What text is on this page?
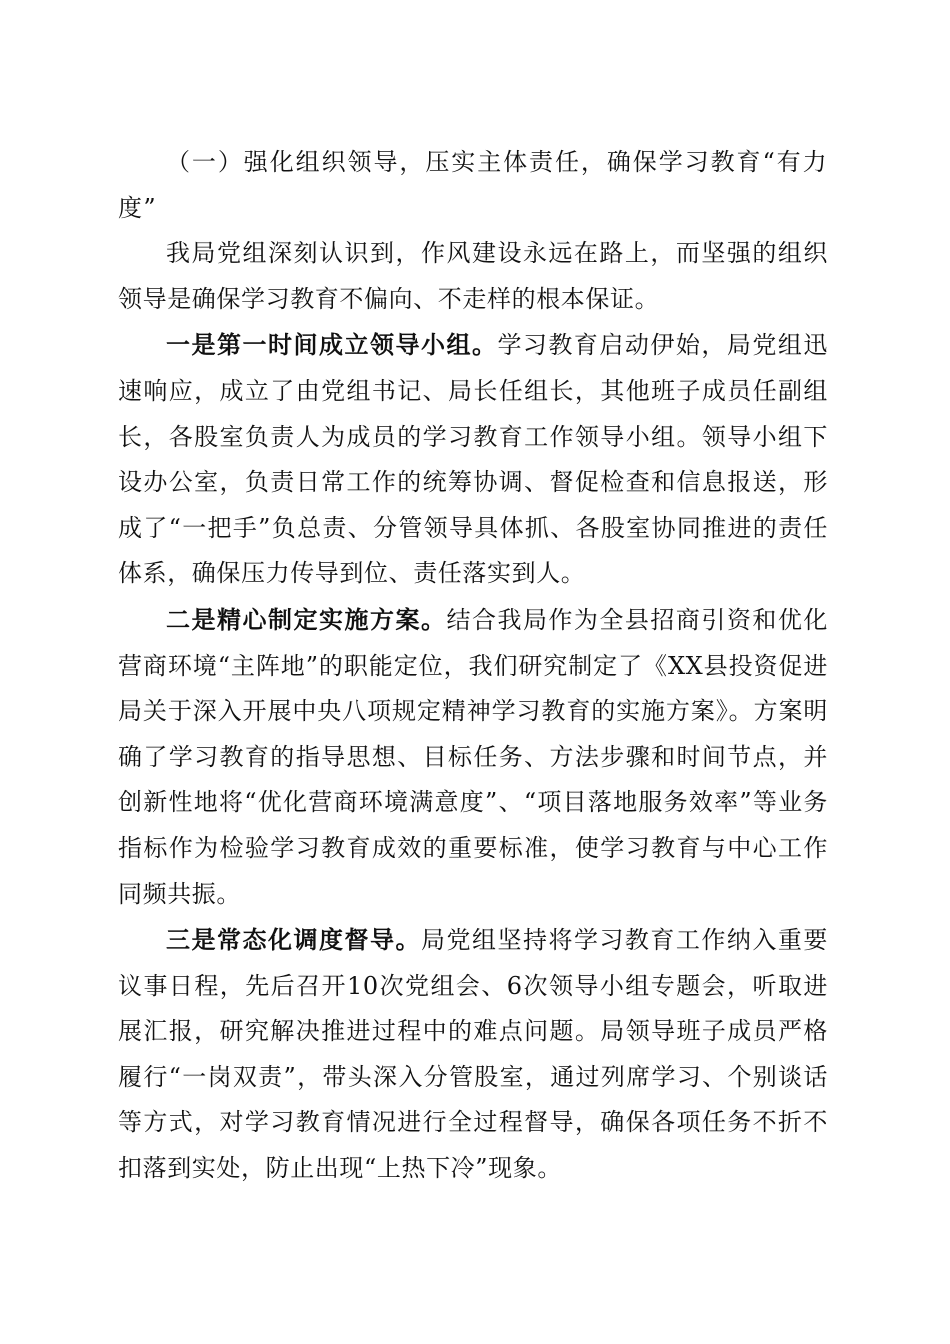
（一）强化组织领导，压实主体责任，确保学习教育“有力度”

我局党组深刻认识到，作风建设永远在路上，而坚强的组织领导是确保学习教育不偏向、不走样的根本保证。

一是第一时间成立领导小组。学习教育启动伊始，局党组迅速响应，成立了由党组书记、局长任组长，其他班子成员任副组长，各股室负责人为成员的学习教育工作领导小组。领导小组下设办公室，负责日常工作的统筹协调、督促检查和信息报送，形成了“一把手”负总责、分管领导具体抓、各股室协同推进的责任体系，确保压力传导到位、责任落实到人。

二是精心制定实施方案。结合我局作为全县招商引资和优化营商环境“主阵地”的职能定位，我们研究制定了《XX县投资促进局关于深入开展中央八项规定精神学习教育的实施方案》。方案明确了学习教育的指导思想、目标任务、方法步骤和时间节点，并创新性地将“优化营商环境满意度”、“项目落地服务效率”等业务指标作为检验学习教育成效的重要标准，使学习教育与中心工作同频共振。

三是常态化调度督导。局党组坚持将学习教育工作纳入重要议事日程，先后召开10次党组会、6次领导小组专题会，听取进展汇报，研究解决推进过程中的难点问题。局领导班子成员严格履行“一岗双责”，带头深入分管股室，通过列席学习、个别谈话等方式，对学习教育情况进行全过程督导，确保各项任务不折不扣落到实处，防止出现“上热下冷”现象。
